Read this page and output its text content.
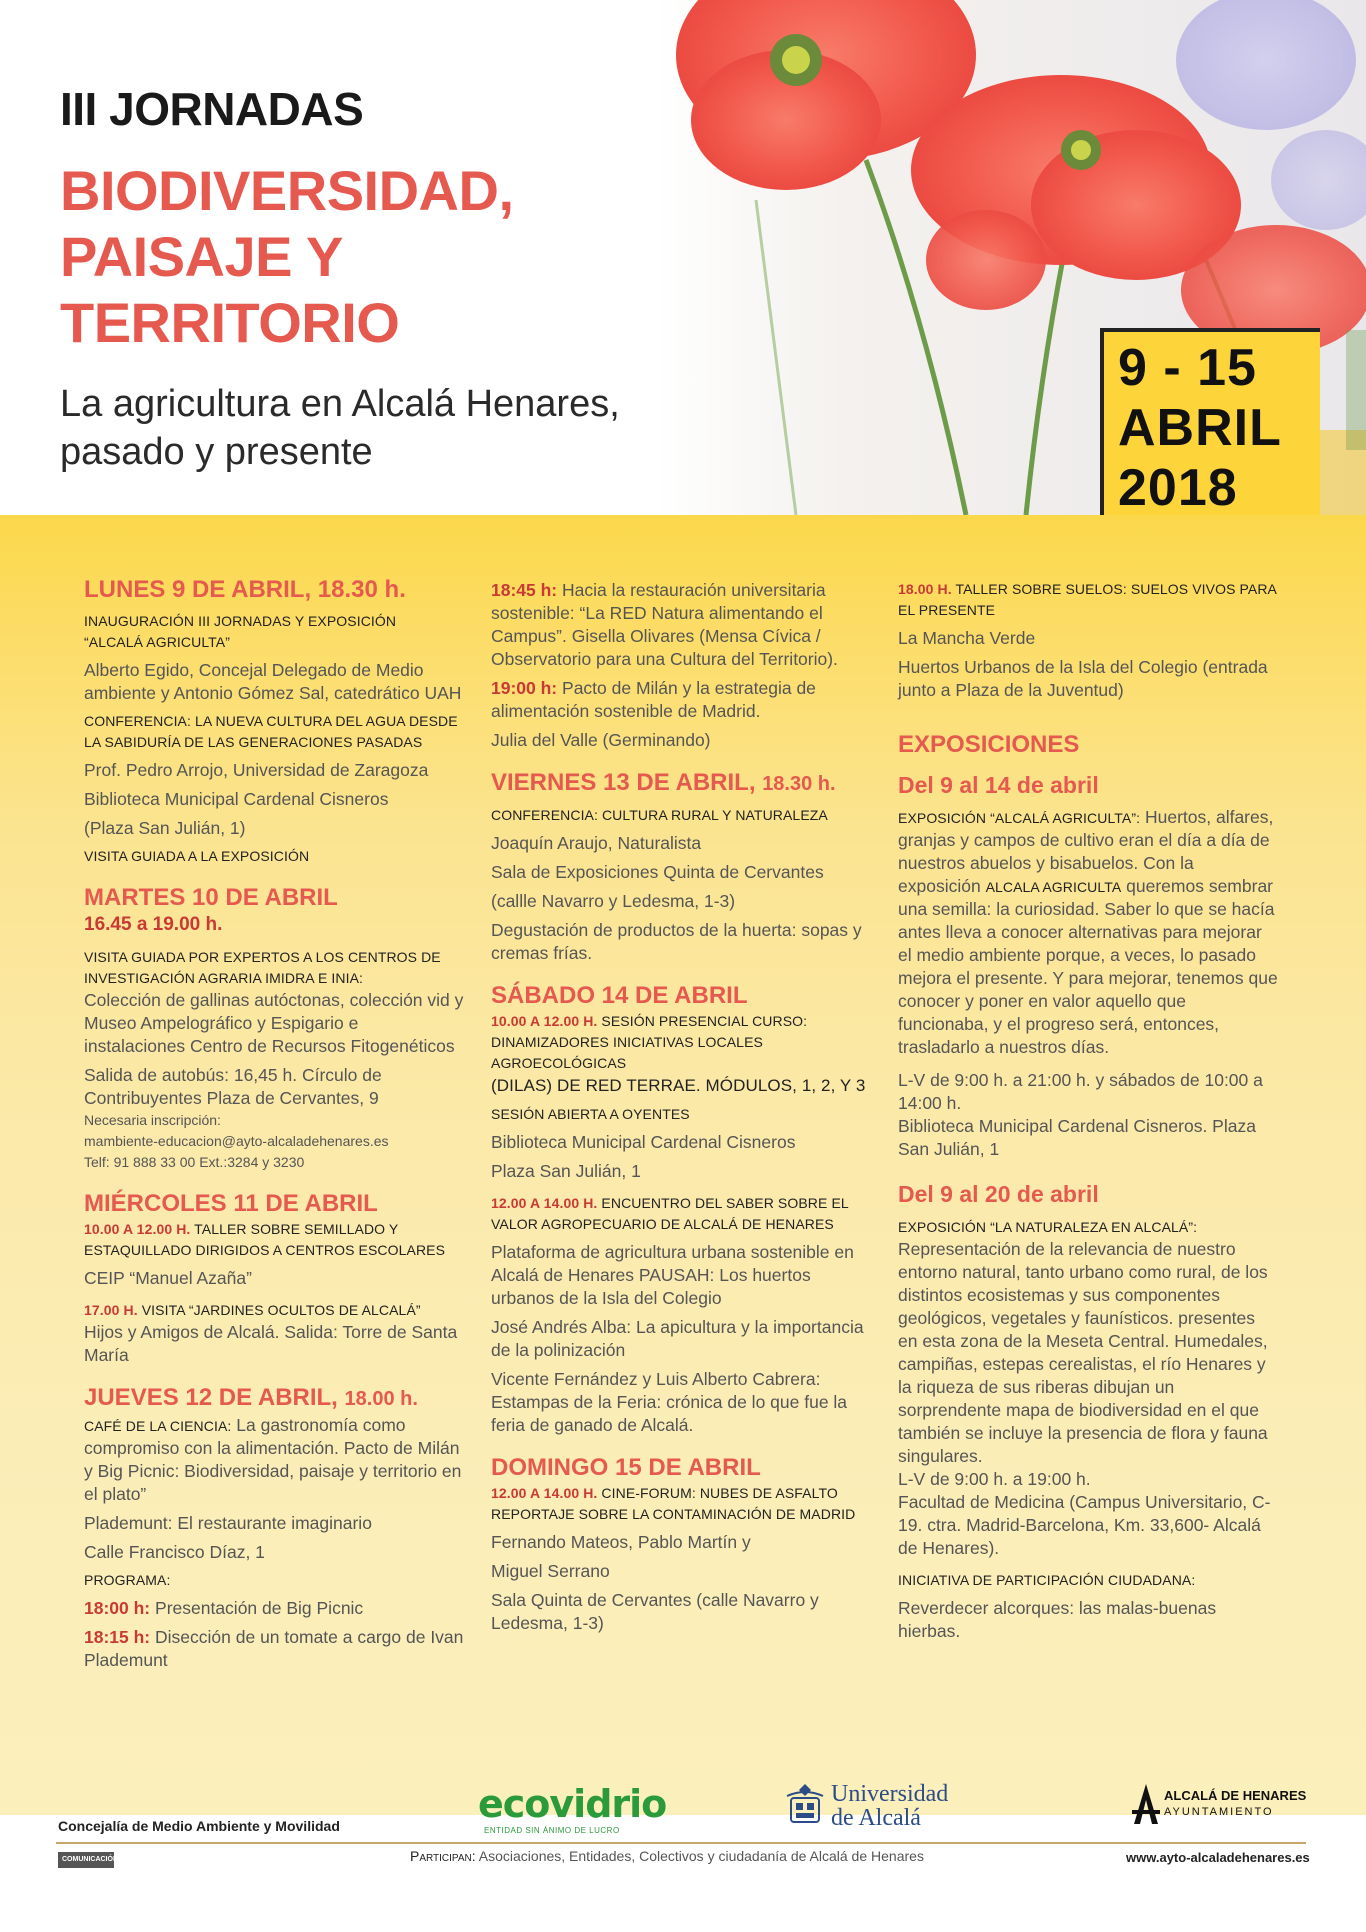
III JORNADAS
BIODIVERSIDAD,
PAISAJE Y
TERRITORIO
La agricultura en Alcalá Henares,
pasado y presente
9 - 15
ABRIL
2018
LUNES 9 DE ABRIL, 18.30 h.
INAUGURACIÓN III JORNADAS Y EXPOSICIÓN
“ALCALÁ AGRICULTA”
Alberto Egido, Concejal Delegado de Medio ambiente y Antonio Gómez Sal, catedrático UAH
CONFERENCIA: LA NUEVA CULTURA DEL AGUA DESDE LA SABIDURÍA DE LAS GENERACIONES PASADAS
Prof. Pedro Arrojo, Universidad de Zaragoza
Biblioteca Municipal Cardenal Cisneros
(Plaza San Julián, 1)
VISITA GUIADA A LA EXPOSICIÓN
MARTES 10 DE ABRIL
16.45 a 19.00 h.
VISITA GUIADA POR EXPERTOS A LOS CENTROS DE INVESTIGACIÓN AGRARIA IMIDRA E INIA:
Colección de gallinas autóctonas, colección vid y Museo Ampelográfico y Espigario e instalaciones Centro de Recursos Fitogenéticos
Salida de autobús: 16,45 h. Círculo de Contribuyentes Plaza de Cervantes, 9
Necesaria inscripción:
mambiente-educacion@ayto-alcaladehenares.es
Telf: 91 888 33 00 Ext.:3284 y 3230
MIÉRCOLES 11 DE ABRIL
10.00 A 12.00 H. TALLER SOBRE SEMILLADO Y ESTAQUILLADO DIRIGIDOS A CENTROS ESCOLARES
CEIP “Manuel Azaña”
17.00 H. VISITA “JARDINES OCULTOS DE ALCALÁ”
Hijos y Amigos de Alcalá. Salida: Torre de Santa María
JUEVES 12 DE ABRIL, 18.00 h.
CAFÉ DE LA CIENCIA: La gastronomía como compromiso con la alimentación. Pacto de Milán y Big Picnic: Biodiversidad, paisaje y territorio en el plato”
Plademunt: El restaurante imaginario
Calle Francisco Díaz, 1
PROGRAMA:
18:00 h: Presentación de Big Picnic
18:15 h: Disección de un tomate a cargo de Ivan Plademunt
18:45 h: Hacia la restauración universitaria sostenible: “La RED Natura alimentando el Campus”. Gisella Olivares (Mensa Cívica / Observatorio para una Cultura del Territorio).
19:00 h: Pacto de Milán y la estrategia de alimentación sostenible de Madrid.
Julia del Valle (Germinando)
VIERNES 13 DE ABRIL, 18.30 h.
CONFERENCIA: CULTURA RURAL Y NATURALEZA
Joaquín Araujo, Naturalista
Sala de Exposiciones Quinta de Cervantes
(callle Navarro y Ledesma, 1-3)
Degustación de productos de la huerta: sopas y cremas frías.
SÁBADO 14 DE ABRIL
10.00 A 12.00 H. SESIÓN PRESENCIAL CURSO: DINAMIZADORES INICIATIVAS LOCALES AGROECOLÓGICAS
(DILAS) DE RED TERRAE. MÓDULOS, 1, 2, Y 3
SESIÓN ABIERTA A OYENTES
Biblioteca Municipal Cardenal Cisneros
Plaza San Julián, 1
12.00 A 14.00 H. ENCUENTRO DEL SABER SOBRE EL VALOR AGROPECUARIO DE ALCALÁ DE HENARES
Plataforma de agricultura urbana sostenible en Alcalá de Henares PAUSAH: Los huertos urbanos de la Isla del Colegio
José Andrés Alba: La apicultura y la importancia de la polinización
Vicente Fernández y Luis Alberto Cabrera: Estampas de la Feria: crónica de lo que fue la feria de ganado de Alcalá.
DOMINGO 15 DE ABRIL
12.00 A 14.00 H. CINE-FORUM: NUBES DE ASFALTO REPORTAJE SOBRE LA CONTAMINACIÓN DE MADRID
Fernando Mateos, Pablo Martín y
Miguel Serrano
Sala Quinta de Cervantes (calle Navarro y Ledesma, 1-3)
18.00 H. TALLER SOBRE SUELOS: SUELOS VIVOS PARA EL PRESENTE
La Mancha Verde
Huertos Urbanos de la Isla del Colegio (entrada junto a Plaza de la Juventud)
EXPOSICIONES
Del 9 al 14 de abril
EXPOSICIÓN “ALCALÁ AGRICULTA”: Huertos, alfares, granjas y campos de cultivo eran el día a día de nuestros abuelos y bisabuelos. Con la exposición ALCALA AGRICULTA queremos sembrar una semilla: la curiosidad. Saber lo que se hacía antes lleva a conocer alternativas para mejorar el medio ambiente porque, a veces, lo pasado mejora el presente. Y para mejorar, tenemos que conocer y poner en valor aquello que funcionaba, y el progreso será, entonces, trasladarlo a nuestros días.
L-V de 9:00 h. a 21:00 h. y sábados de 10:00 a 14:00 h.
Biblioteca Municipal Cardenal Cisneros. Plaza San Julián, 1
Del 9 al 20 de abril
EXPOSICIÓN “LA NATURALEZA EN ALCALÁ”: Representación de la relevancia de nuestro entorno natural, tanto urbano como rural, de los distintos ecosistemas y sus componentes geológicos, vegetales y faunísticos. presentes en esta zona de la Meseta Central. Humedales, campiñas, estepas cerealistas, el río Henares y la riqueza de sus riberas dibujan un sorprendente mapa de biodiversidad en el que también se incluye la presencia de flora y fauna singulares.
L-V de 9:00 h. a 19:00 h.
Facultad de Medicina (Campus Universitario, C-19. ctra. Madrid-Barcelona, Km. 33,600- Alcalá de Henares).
INICIATIVA DE PARTICIPACIÓN CIUDADANA:
Reverdecer alcorques: las malas-buenas hierbas.
Concejalía de Medio Ambiente y Movilidad
COMUNICACIÓN	Participan: Asociaciones, Entidades, Colectivos y ciudadanía de Alcalá de Henares
ecovidrio
ENTIDAD SIN ÁNIMO DE LUCRO
Universidad
de Alcalá
ALCALÁ DE HENARES
AYUNTAMIENTO
www.ayto-alcaladehenares.es
